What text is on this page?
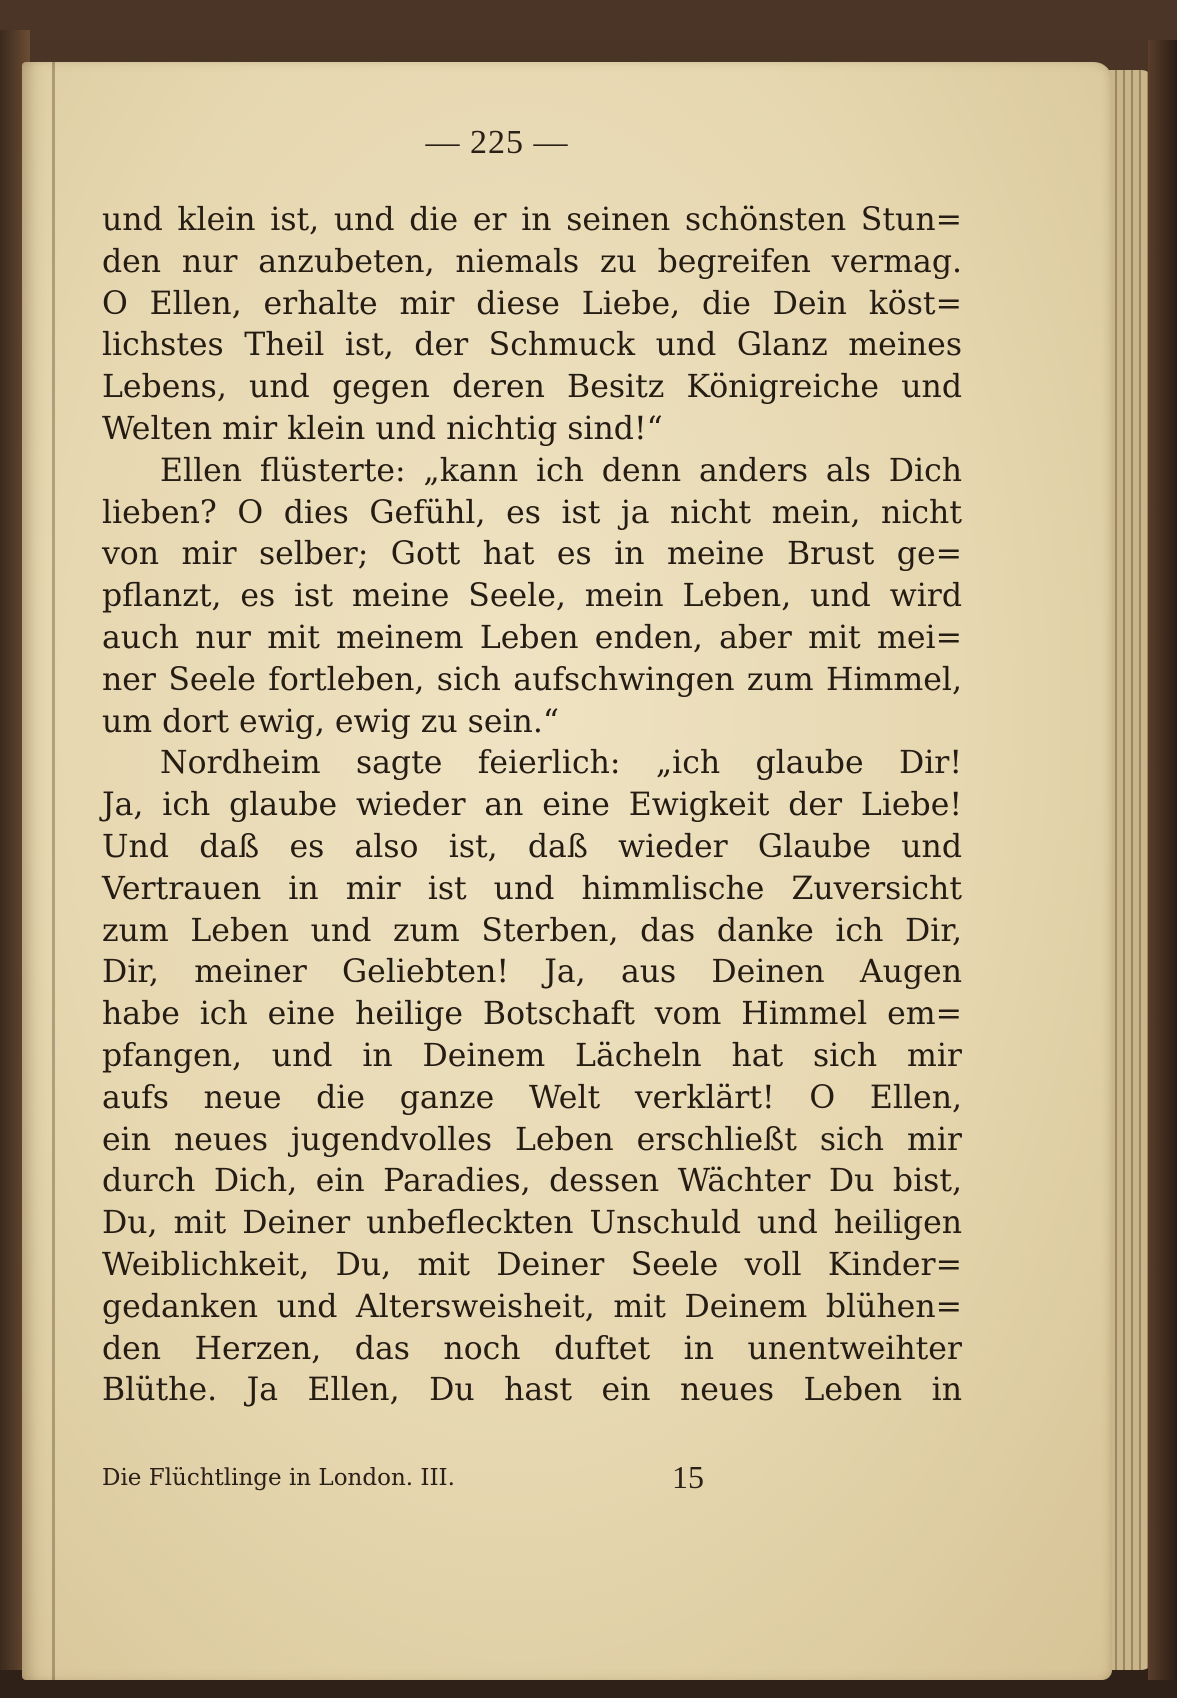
— 225 —
und klein ist, und die er in seinen schönsten Stun=
den nur anzubeten, niemals zu begreifen vermag.
O Ellen, erhalte mir diese Liebe, die Dein köst=
lichstes Theil ist, der Schmuck und Glanz meines
Lebens, und gegen deren Besitz Königreiche und
Welten mir klein und nichtig sind!“
Ellen flüsterte: „kann ich denn anders als Dich
lieben? O dies Gefühl, es ist ja nicht mein, nicht
von mir selber; Gott hat es in meine Brust ge=
pflanzt, es ist meine Seele, mein Leben, und wird
auch nur mit meinem Leben enden, aber mit mei=
ner Seele fortleben, sich aufschwingen zum Himmel,
um dort ewig, ewig zu sein.“
Nordheim sagte feierlich: „ich glaube Dir!
Ja, ich glaube wieder an eine Ewigkeit der Liebe!
Und daß es also ist, daß wieder Glaube und
Vertrauen in mir ist und himmlische Zuversicht
zum Leben und zum Sterben, das danke ich Dir,
Dir, meiner Geliebten! Ja, aus Deinen Augen
habe ich eine heilige Botschaft vom Himmel em=
pfangen, und in Deinem Lächeln hat sich mir
aufs neue die ganze Welt verklärt! O Ellen,
ein neues jugendvolles Leben erschließt sich mir
durch Dich, ein Paradies, dessen Wächter Du bist,
Du, mit Deiner unbefleckten Unschuld und heiligen
Weiblichkeit, Du, mit Deiner Seele voll Kinder=
gedanken und Altersweisheit, mit Deinem blühen=
den Herzen, das noch duftet in unentweihter
Blüthe. Ja Ellen, Du hast ein neues Leben in
Die Flüchtlinge in London. III.	15
